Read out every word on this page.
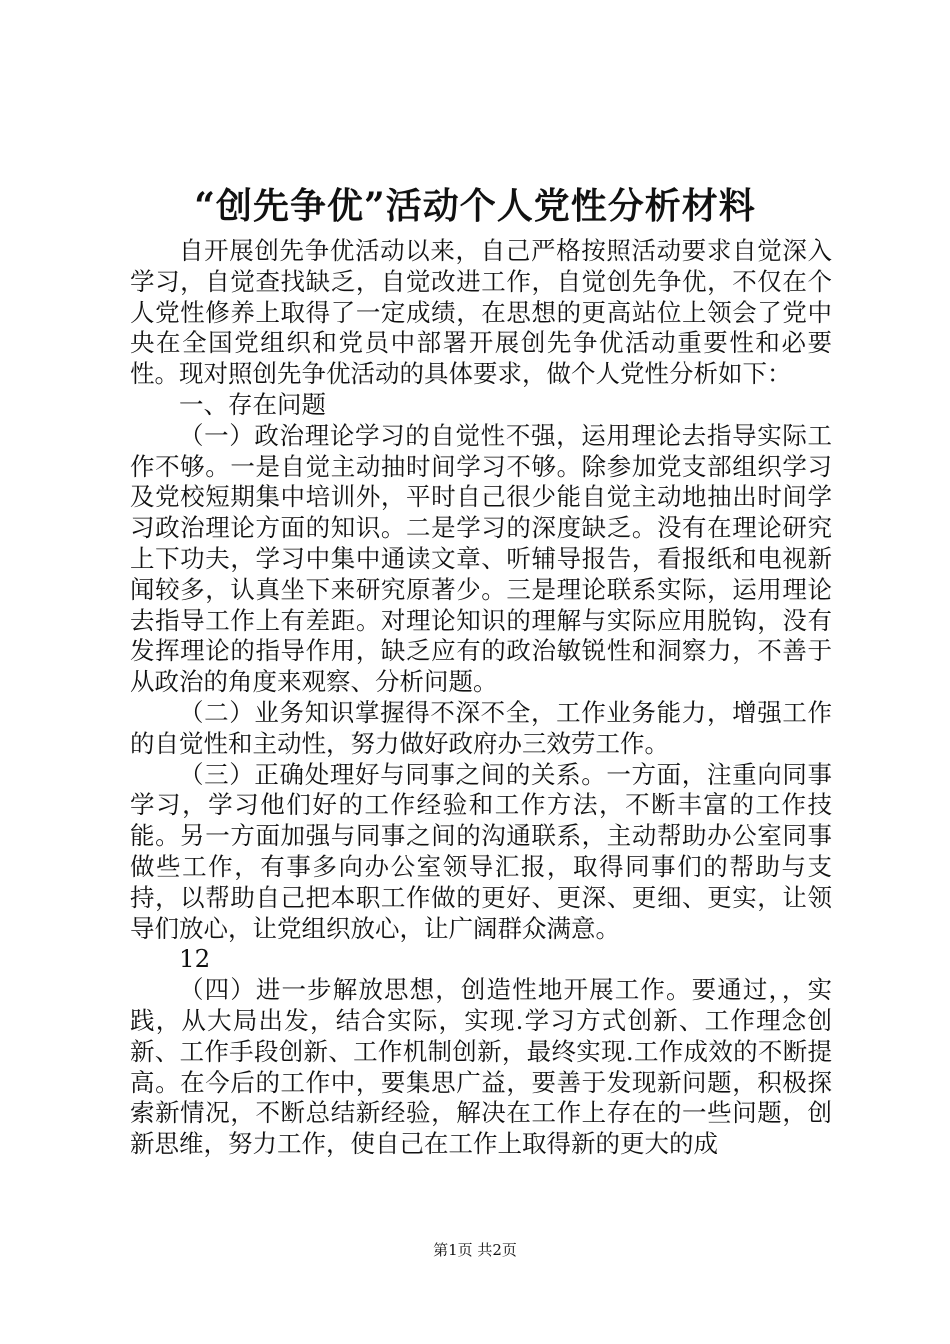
“创先争优”活动个人党性分析材料

自开展创先争优活动以来，自己严格按照活动要求自觉深入学习，自觉查找缺乏，自觉改进工作，自觉创先争优，不仅在个人党性修养上取得了一定成绩，在思想的更高站位上领会了党中央在全国党组织和党员中部署开展创先争优活动重要性和必要性。现对照创先争优活动的具体要求，做个人党性分析如下：

一、存在问题

（一）政治理论学习的自觉性不强，运用理论去指导实际工作不够。一是自觉主动抽时间学习不够。除参加党支部组织学习及党校短期集中培训外，平时自己很少能自觉主动地抽出时间学习政治理论方面的知识。二是学习的深度缺乏。没有在理论研究上下功夫，学习中集中通读文章、听辅导报告，看报纸和电视新闻较多，认真坐下来研究原著少。三是理论联系实际，运用理论去指导工作上有差距。对理论知识的理解与实际应用脱钩，没有发挥理论的指导作用，缺乏应有的政治敏锐性和洞察力，不善于从政治的角度来观察、分析问题。

（二）业务知识掌握得不深不全，工作业务能力，增强工作的自觉性和主动性，努力做好政府办三效劳工作。

（三）正确处理好与同事之间的关系。一方面，注重向同事学习，学习他们好的工作经验和工作方法，不断丰富的工作技能。另一方面加强与同事之间的沟通联系，主动帮助办公室同事做些工作，有事多向办公室领导汇报，取得同事们的帮助与支持，以帮助自己把本职工作做的更好、更深、更细、更实，让领导们放心，让党组织放心，让广阔群众满意。

12

（四）进一步解放思想，创造性地开展工作。要通过，，实践，从大局出发，结合实际，实现.学习方式创新、工作理念创新、工作手段创新、工作机制创新，最终实现.工作成效的不断提高。在今后的工作中，要集思广益，要善于发现新问题，积极探索新情况，不断总结新经验，解决在工作上存在的一些问题，创新思维，努力工作，使自己在工作上取得新的更大的成

第1页 共2页
